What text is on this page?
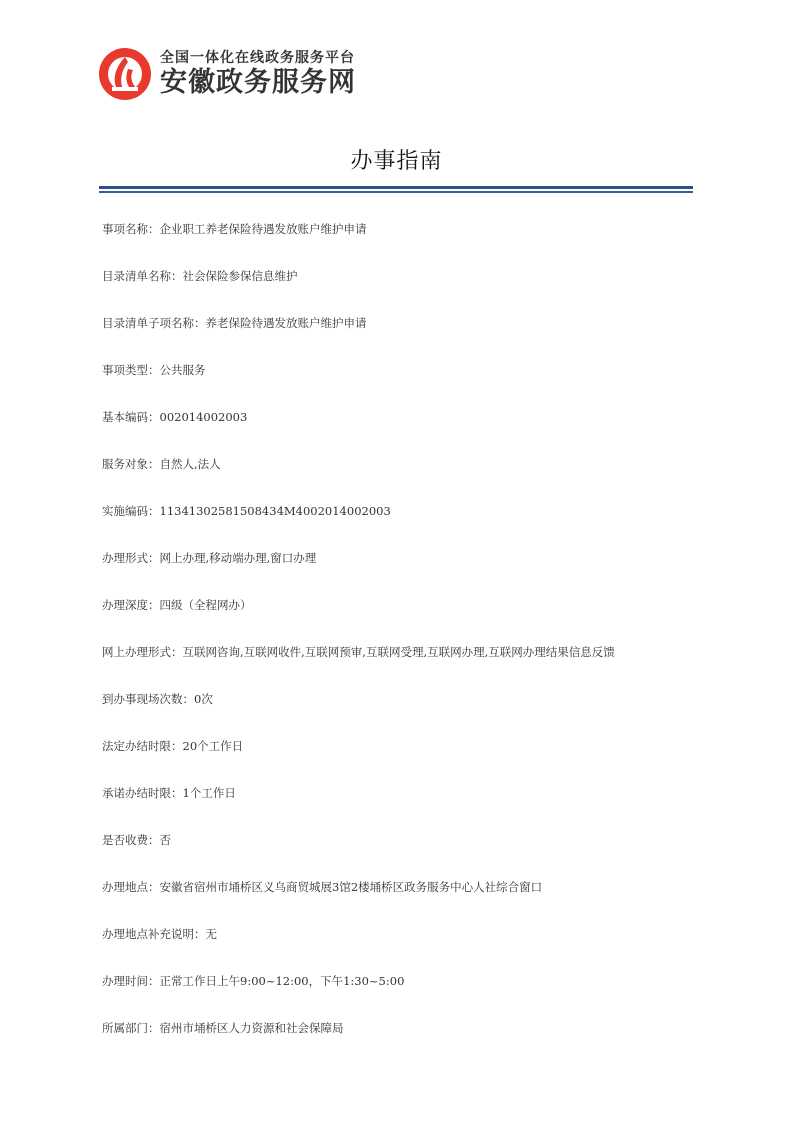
全国一体化在线政务服务平台
安徽政务服务网
办事指南
事项名称：企业职工养老保险待遇发放账户维护申请
目录清单名称：社会保险参保信息维护
目录清单子项名称：养老保险待遇发放账户维护申请
事项类型：公共服务
基本编码：002014002003
服务对象：自然人,法人
实施编码：11341302581508434M4002014002003
办理形式：网上办理,移动端办理,窗口办理
办理深度：四级（全程网办）
网上办理形式：互联网咨询,互联网收件,互联网预审,互联网受理,互联网办理,互联网办理结果信息反馈
到办事现场次数：0次
法定办结时限：20个工作日
承诺办结时限：1个工作日
是否收费：否
办理地点：安徽省宿州市埇桥区义乌商贸城展3馆2楼埇桥区政务服务中心人社综合窗口
办理地点补充说明：无
办理时间：正常工作日上午9:00~12:00，下午1:30~5:00
所属部门：宿州市埇桥区人力资源和社会保障局
